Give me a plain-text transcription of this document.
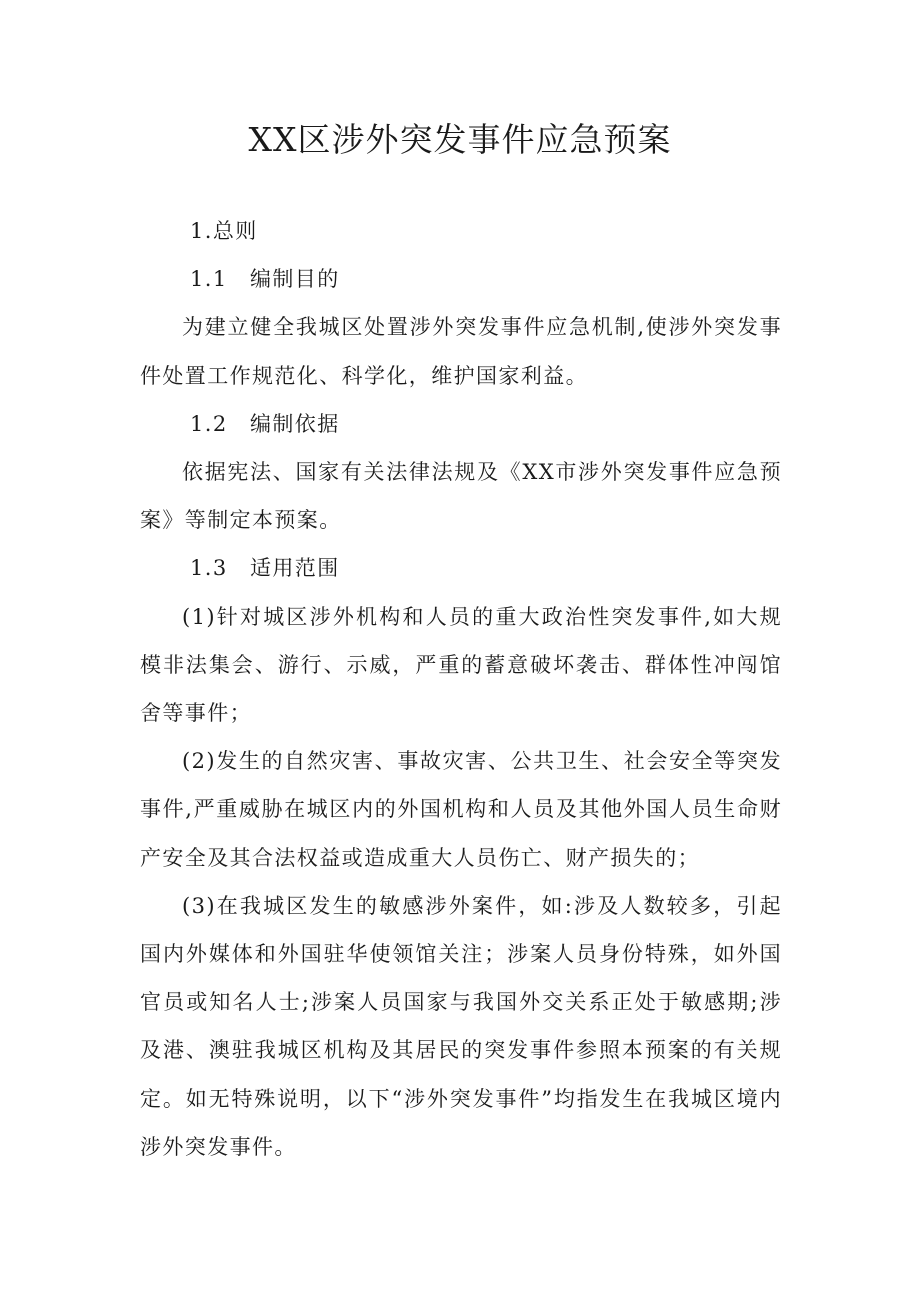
XX区涉外突发事件应急预案

1.总则

1.1 编制目的

为建立健全我城区处置涉外突发事件应急机制,使涉外突发事件处置工作规范化、科学化，维护国家利益。

1.2 编制依据

依据宪法、国家有关法律法规及《XX市涉外突发事件应急预案》等制定本预案。

1.3 适用范围

(1)针对城区涉外机构和人员的重大政治性突发事件,如大规模非法集会、游行、示威，严重的蓄意破坏袭击、群体性冲闯馆舍等事件；

(2)发生的自然灾害、事故灾害、公共卫生、社会安全等突发事件,严重威胁在城区内的外国机构和人员及其他外国人员生命财产安全及其合法权益或造成重大人员伤亡、财产损失的；

(3)在我城区发生的敏感涉外案件，如:涉及人数较多，引起国内外媒体和外国驻华使领馆关注；涉案人员身份特殊，如外国官员或知名人士;涉案人员国家与我国外交关系正处于敏感期;涉及港、澳驻我城区机构及其居民的突发事件参照本预案的有关规定。如无特殊说明，以下“涉外突发事件”均指发生在我城区境内涉外突发事件。
